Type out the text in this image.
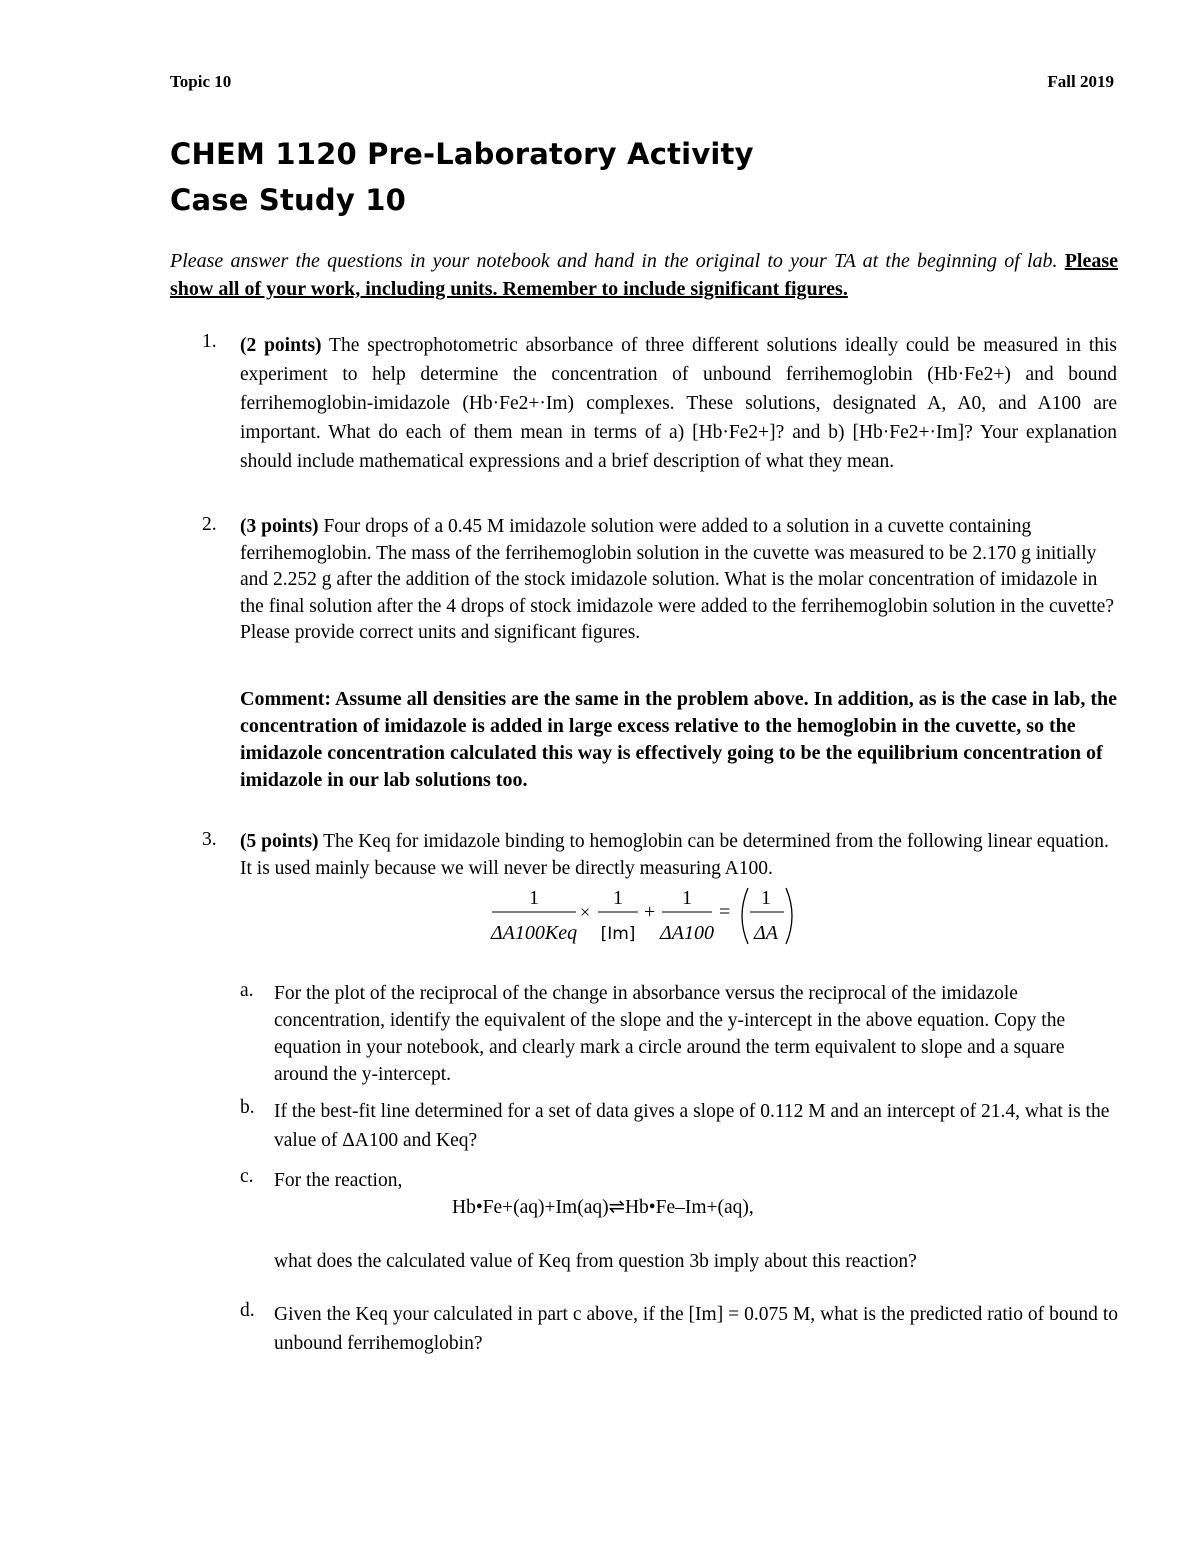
Topic 10	Fall 2019
CHEM 1120 Pre-Laboratory Activity
Case Study 10
Please answer the questions in your notebook and hand in the original to your TA at the beginning of lab. Please show all of your work, including units. Remember to include significant figures.
1. (2 points) The spectrophotometric absorbance of three different solutions ideally could be measured in this experiment to help determine the concentration of unbound ferrihemoglobin (Hb·Fe2+) and bound ferrihemoglobin-imidazole (Hb·Fe2+·Im) complexes. These solutions, designated A, A0, and A100 are important. What do each of them mean in terms of a) [Hb·Fe2+]? and b) [Hb·Fe2+·Im]? Your explanation should include mathematical expressions and a brief description of what they mean.
2. (3 points) Four drops of a 0.45 M imidazole solution were added to a solution in a cuvette containing ferrihemoglobin. The mass of the ferrihemoglobin solution in the cuvette was measured to be 2.170 g initially and 2.252 g after the addition of the stock imidazole solution. What is the molar concentration of imidazole in the final solution after the 4 drops of stock imidazole were added to the ferrihemoglobin solution in the cuvette? Please provide correct units and significant figures.
Comment: Assume all densities are the same in the problem above. In addition, as is the case in lab, the concentration of imidazole is added in large excess relative to the hemoglobin in the cuvette, so the imidazole concentration calculated this way is effectively going to be the equilibrium concentration of imidazole in our lab solutions too.
3. (5 points) The Keq for imidazole binding to hemoglobin can be determined from the following linear equation. It is used mainly because we will never be directly measuring A100.
1
ΔA100Keq
×
1
[Im]
+
1
ΔA100
=
1
ΔA
a. For the plot of the reciprocal of the change in absorbance versus the reciprocal of the imidazole concentration, identify the equivalent of the slope and the y-intercept in the above equation. Copy the equation in your notebook, and clearly mark a circle around the term equivalent to slope and a square around the y-intercept.
b. If the best-fit line determined for a set of data gives a slope of 0.112 M and an intercept of 21.4, what is the value of ΔA100 and Keq?
c. For the reaction,
Hb•Fe+(aq)+Im(aq)⇌Hb•Fe–Im+(aq),
what does the calculated value of Keq from question 3b imply about this reaction?
d. Given the Keq your calculated in part c above, if the [Im] = 0.075 M, what is the predicted ratio of bound to unbound ferrihemoglobin?
